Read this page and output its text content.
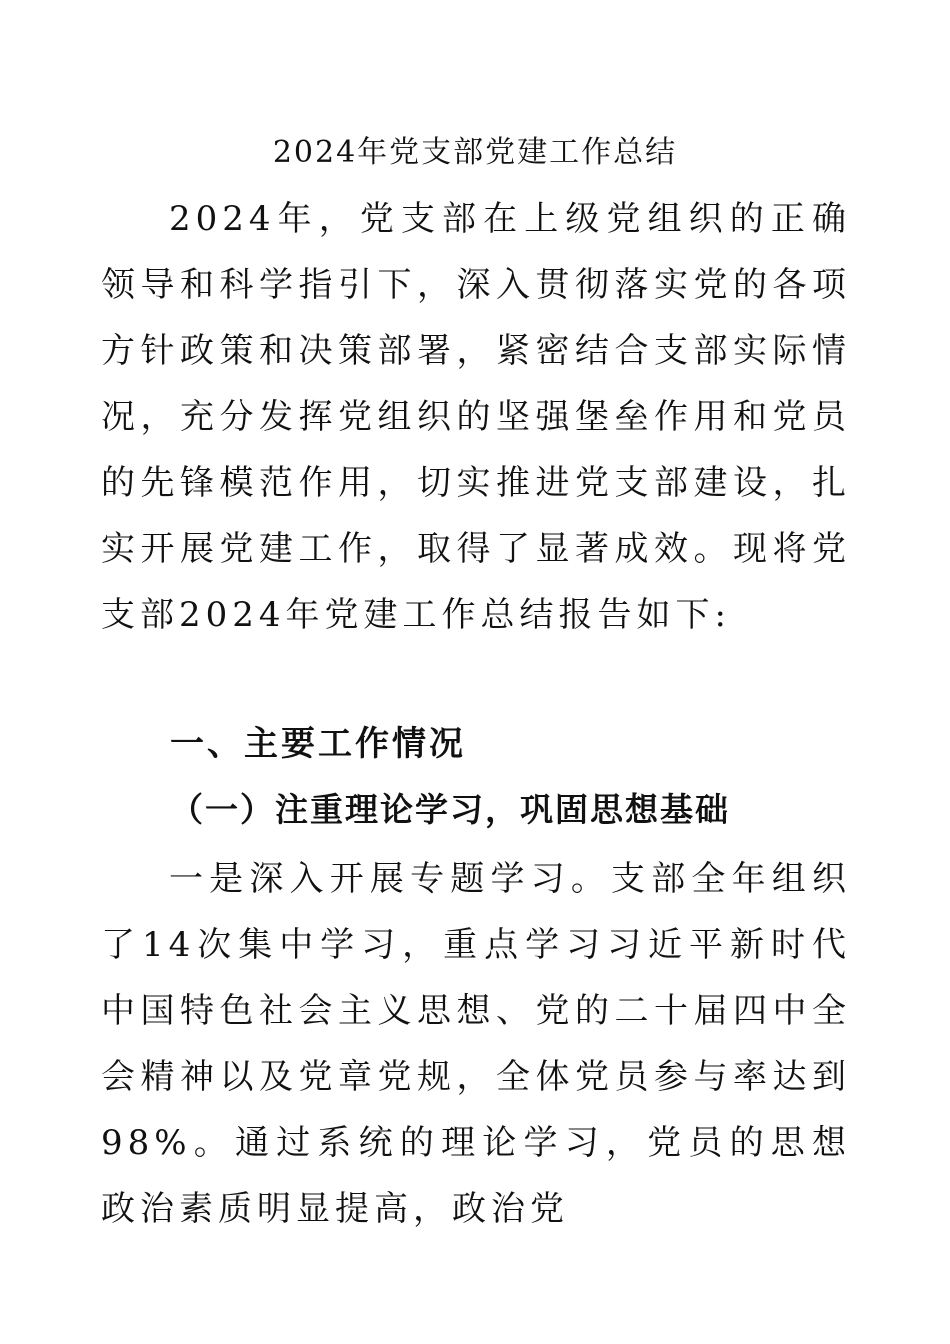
2024年党支部党建工作总结

2024年，党支部在上级党组织的正确领导和科学指引下，深入贯彻落实党的各项方针政策和决策部署，紧密结合支部实际情况，充分发挥党组织的坚强堡垒作用和党员的先锋模范作用，切实推进党支部建设，扎实开展党建工作，取得了显著成效。现将党支部2024年党建工作总结报告如下:

一、主要工作情况
（一）注重理论学习，巩固思想基础

一是深入开展专题学习。支部全年组织了14次集中学习，重点学习习近平新时代中国特色社会主义思想、党的二十届四中全会精神以及党章党规，全体党员参与率达到98%。通过系统的理论学习，党员的思想政治素质明显提高，政治党
